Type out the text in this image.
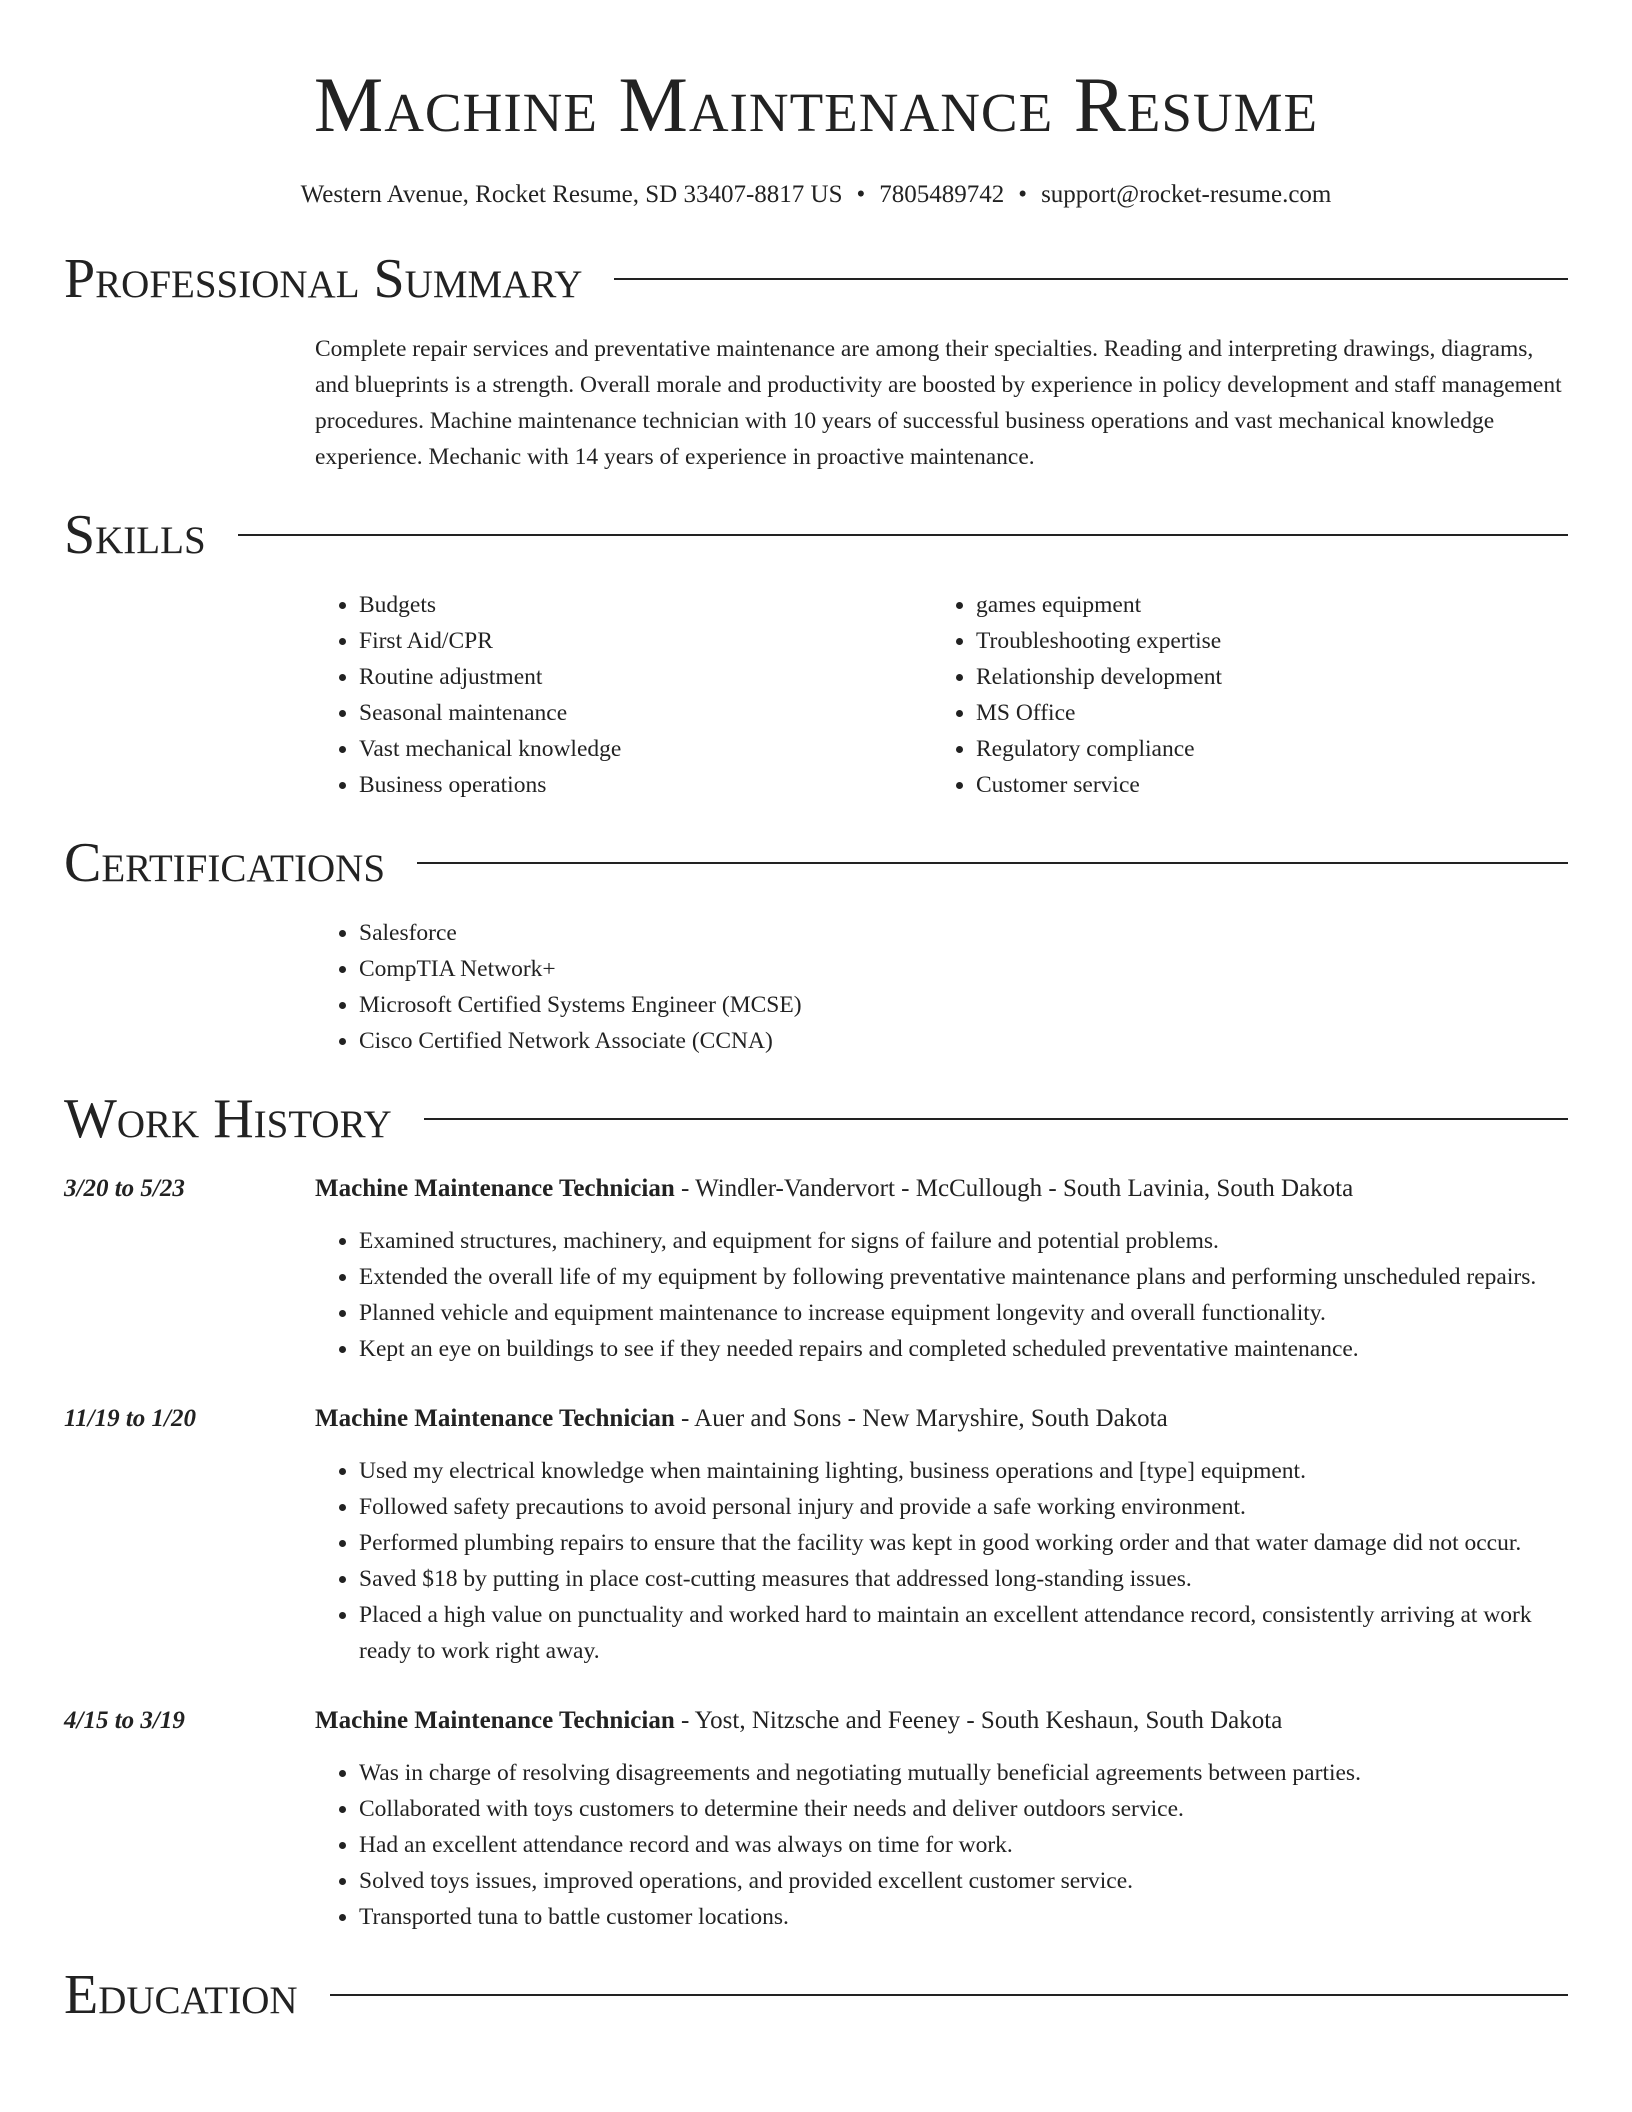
Machine Maintenance Resume
Western Avenue, Rocket Resume, SD 33407-8817 US • 7805489742 • support@rocket-resume.com
Professional Summary
Complete repair services and preventative maintenance are among their specialties. Reading and interpreting drawings, diagrams, and blueprints is a strength. Overall morale and productivity are boosted by experience in policy development and staff management procedures. Machine maintenance technician with 10 years of successful business operations and vast mechanical knowledge experience. Mechanic with 14 years of experience in proactive maintenance.
Skills
• Budgets
• First Aid/CPR
• Routine adjustment
• Seasonal maintenance
• Vast mechanical knowledge
• Business operations
• games equipment
• Troubleshooting expertise
• Relationship development
• MS Office
• Regulatory compliance
• Customer service
Certifications
• Salesforce
• CompTIA Network+
• Microsoft Certified Systems Engineer (MCSE)
• Cisco Certified Network Associate (CCNA)
Work History
3/20 to 5/23	Machine Maintenance Technician - Windler-Vandervort - McCullough - South Lavinia, South Dakota
• Examined structures, machinery, and equipment for signs of failure and potential problems.
• Extended the overall life of my equipment by following preventative maintenance plans and performing unscheduled repairs.
• Planned vehicle and equipment maintenance to increase equipment longevity and overall functionality.
• Kept an eye on buildings to see if they needed repairs and completed scheduled preventative maintenance.
11/19 to 1/20	Machine Maintenance Technician - Auer and Sons - New Maryshire, South Dakota
• Used my electrical knowledge when maintaining lighting, business operations and [type] equipment.
• Followed safety precautions to avoid personal injury and provide a safe working environment.
• Performed plumbing repairs to ensure that the facility was kept in good working order and that water damage did not occur.
• Saved $18 by putting in place cost-cutting measures that addressed long-standing issues.
• Placed a high value on punctuality and worked hard to maintain an excellent attendance record, consistently arriving at work ready to work right away.
4/15 to 3/19	Machine Maintenance Technician - Yost, Nitzsche and Feeney - South Keshaun, South Dakota
• Was in charge of resolving disagreements and negotiating mutually beneficial agreements between parties.
• Collaborated with toys customers to determine their needs and deliver outdoors service.
• Had an excellent attendance record and was always on time for work.
• Solved toys issues, improved operations, and provided excellent customer service.
• Transported tuna to battle customer locations.
Education
